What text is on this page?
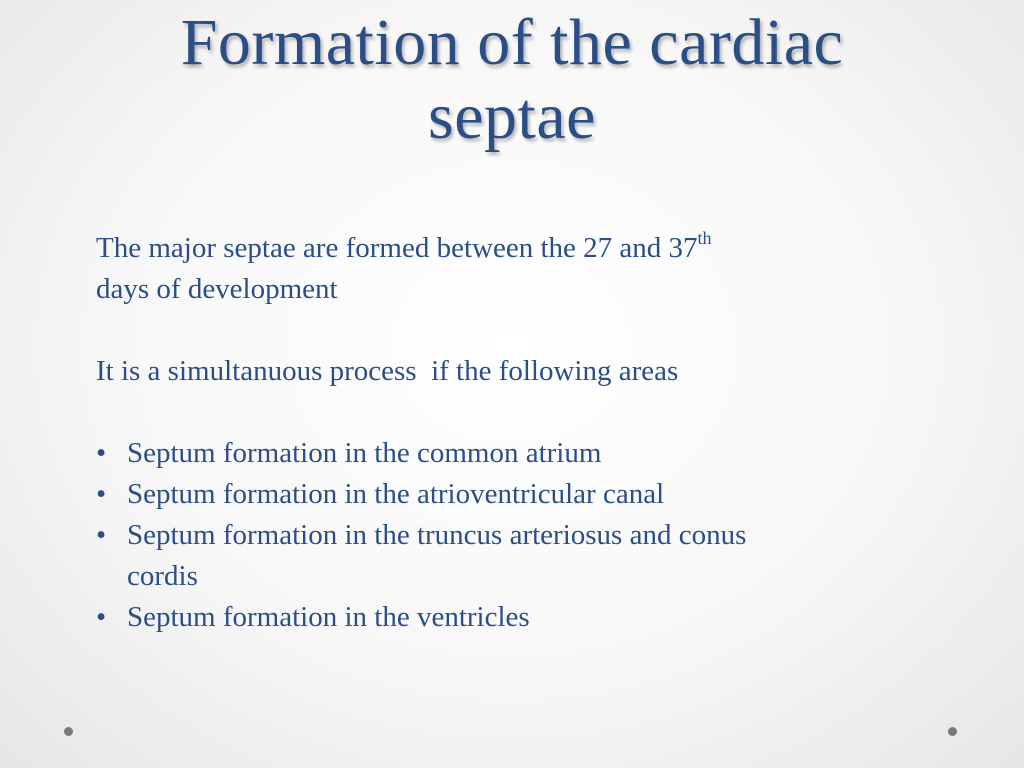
Formation of the cardiac
septae

The major septae are formed between the 27 and 37th
days of development

It is a simultanuous process  if the following areas

• Septum formation in the common atrium
• Septum formation in the atrioventricular canal
• Septum formation in the truncus arteriosus and conus
cordis
• Septum formation in the ventricles
